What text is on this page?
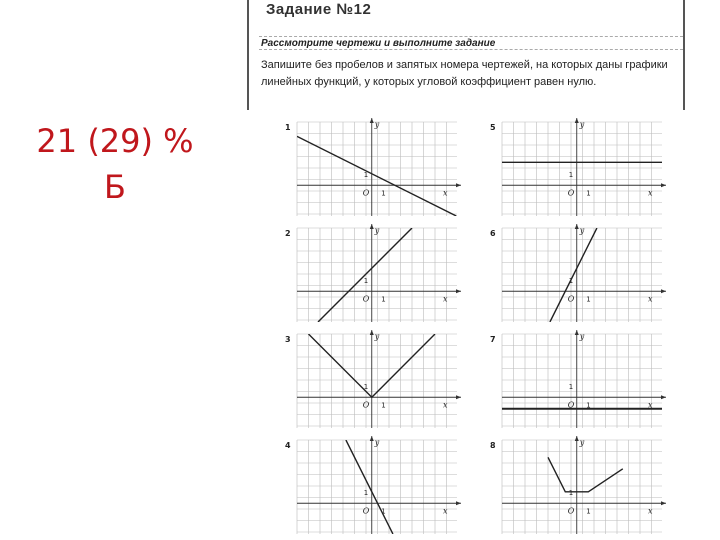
21 (29) %
Б
Задание №12
Рассмотрите чертежи и выполните задание
Запишите без пробелов и запятых номера чертежей, на которых даны графики линейных функций, у которых угловой коэффициент равен нулю.
1
x
y
O 1
1
2
x
y
O 1
1
3
x
y
O 1
1
4
x
y
O 1
1
5
x
y
O 1
1
6
x
y
O 1
1
7
x
y
O 1
1
8
x
y
O 1
1
